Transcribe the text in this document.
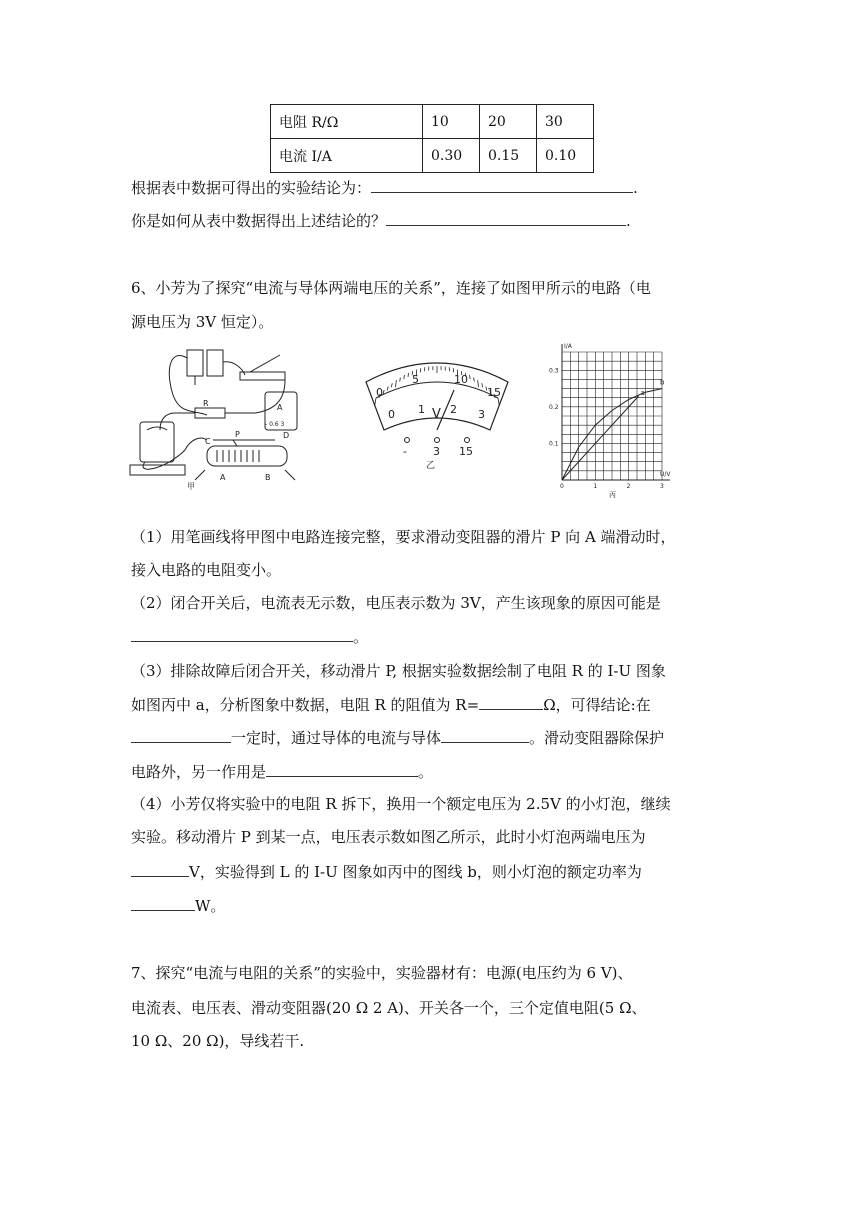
电阻 R/Ω	10	20	30
电流 I/A	0.30	0.15	0.10
根据表中数据可得出的实验结论为：	.
你是如何从表中数据得出上述结论的？	.
6、小芳为了探究“电流与导体两端电压的关系”，连接了如图甲所示的电路（电
源电压为 3V 恒定）。
R
P
C
D
A	B
A
- 0.6 3
甲
0
5	10
15
0 1 2 3
V
- 3 15
乙
0.1
0.2
0.3
0	1	2	3
I/A
U/V
a
b
丙
（1）用笔画线将甲图中电路连接完整，要求滑动变阻器的滑片 P 向 A 端滑动时，
接入电路的电阻变小。
（2）闭合开关后，电流表无示数，电压表示数为 3V，产生该现象的原因可能是
。
（3）排除故障后闭合开关，移动滑片 P, 根据实验数据绘制了电阻 R 的 I-U 图象
如图丙中 a，分析图象中数据，电阻 R 的阻值为 R=	Ω，可得结论:在
一定时，通过导体的电流与导体	。滑动变阻器除保护
电路外，另一作用是	。
（4）小芳仅将实验中的电阻 R 拆下，换用一个额定电压为 2.5V 的小灯泡，继续
实验。移动滑片 P 到某一点，电压表示数如图乙所示，此时小灯泡两端电压为
V，实验得到 L 的 I-U 图象如丙中的图线 b，则小灯泡的额定功率为
W。
7、探究“电流与电阻的关系”的实验中，实验器材有：电源(电压约为 6 V)、
电流表、电压表、滑动变阻器(20 Ω 2 A)、开关各一个，三个定值电阻(5 Ω、
10 Ω、20 Ω)，导线若干.
